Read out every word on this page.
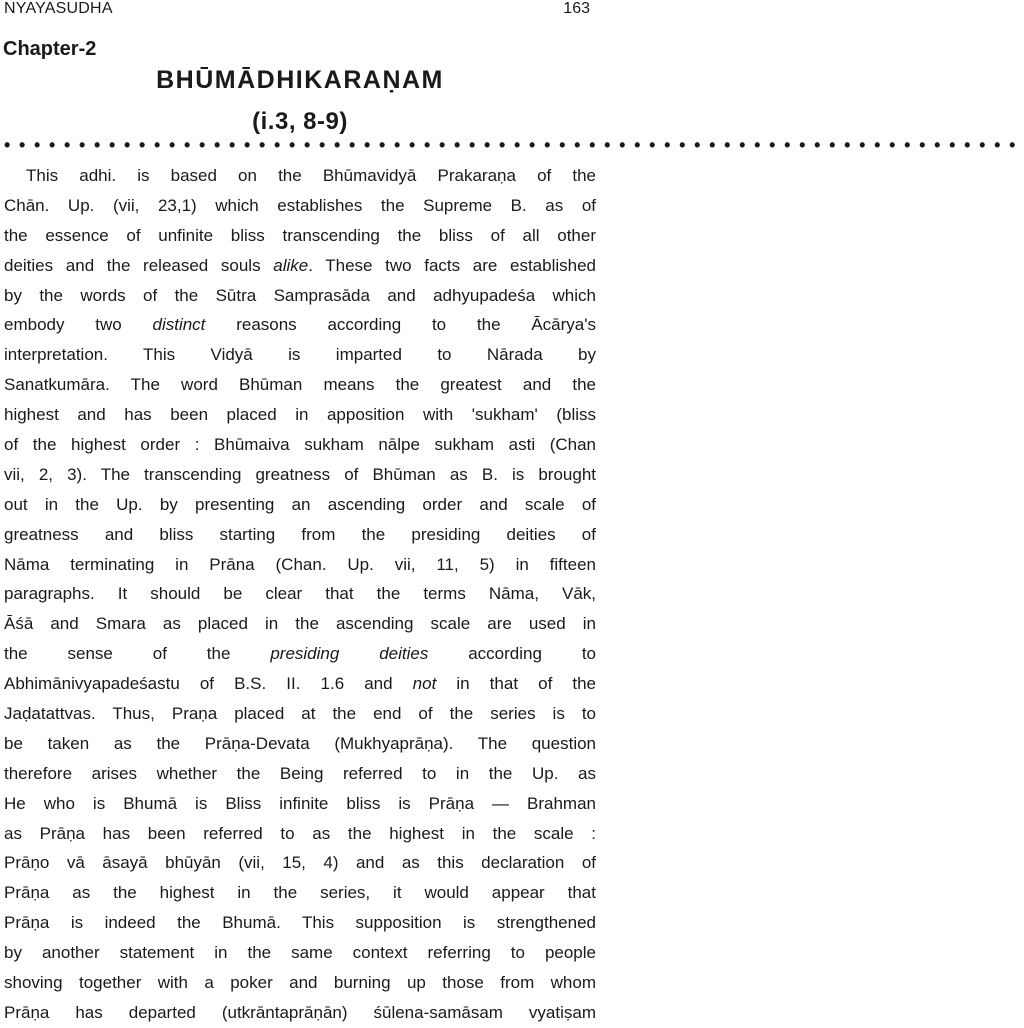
NYAYASUDHA	163
Chapter-2
BHŪMĀDHIKARAṆAM
(i.3, 8-9)
••••••••••••••••••••••••••••••••••••••••••••••••••••••••••••••••••••
This adhi. is based on the Bhūmavidyā Prakaraṇa of the
Chān. Up. (vii, 23,1) which establishes the Supreme B. as of
the essence of unfinite bliss transcending the bliss of all other
deities and the released souls alike. These two facts are established
by the words of the Sūtra Samprasāda and adhyupadeśa which
embody two distinct reasons according to the Ācārya's
interpretation. This Vidyā is imparted to Nārada by
Sanatkumāra. The word Bhūman means the greatest and the
highest and has been placed in apposition with 'sukham' (bliss
of the highest order : Bhūmaiva sukham nālpe sukham asti (Chan
vii, 2, 3). The transcending greatness of Bhūman as B. is brought
out in the Up. by presenting an ascending order and scale of
greatness and bliss starting from the presiding deities of
Nāma terminating in Prāna (Chan. Up. vii, 11, 5) in fifteen
paragraphs. It should be clear that the terms Nāma, Vāk,
Āśā and Smara as placed in the ascending scale are used in
the sense of the presiding deities according to
Abhimānivyapadeśastu of B.S. II. 1.6 and not in that of the
Jaḍatattvas. Thus, Praṇa placed at the end of the series is to
be taken as the Prāṇa-Devata (Mukhyaprāṇa). The question
therefore arises whether the Being referred to in the Up. as
He who is Bhumā is Bliss infinite bliss is Prāṇa — Brahman
as Prāṇa has been referred to as the highest in the scale :
Prāṇo vā āsayā bhūyān (vii, 15, 4) and as this declaration of
Prāṇa as the highest in the series, it would appear that
Prāṇa is indeed the Bhumā. This supposition is strengthened
by another statement in the same context referring to people
shoving together with a poker and burning up those from whom
Prāṇa has departed (utkrāntaprāṇān) śūlena-samāsam vyatiṣam
